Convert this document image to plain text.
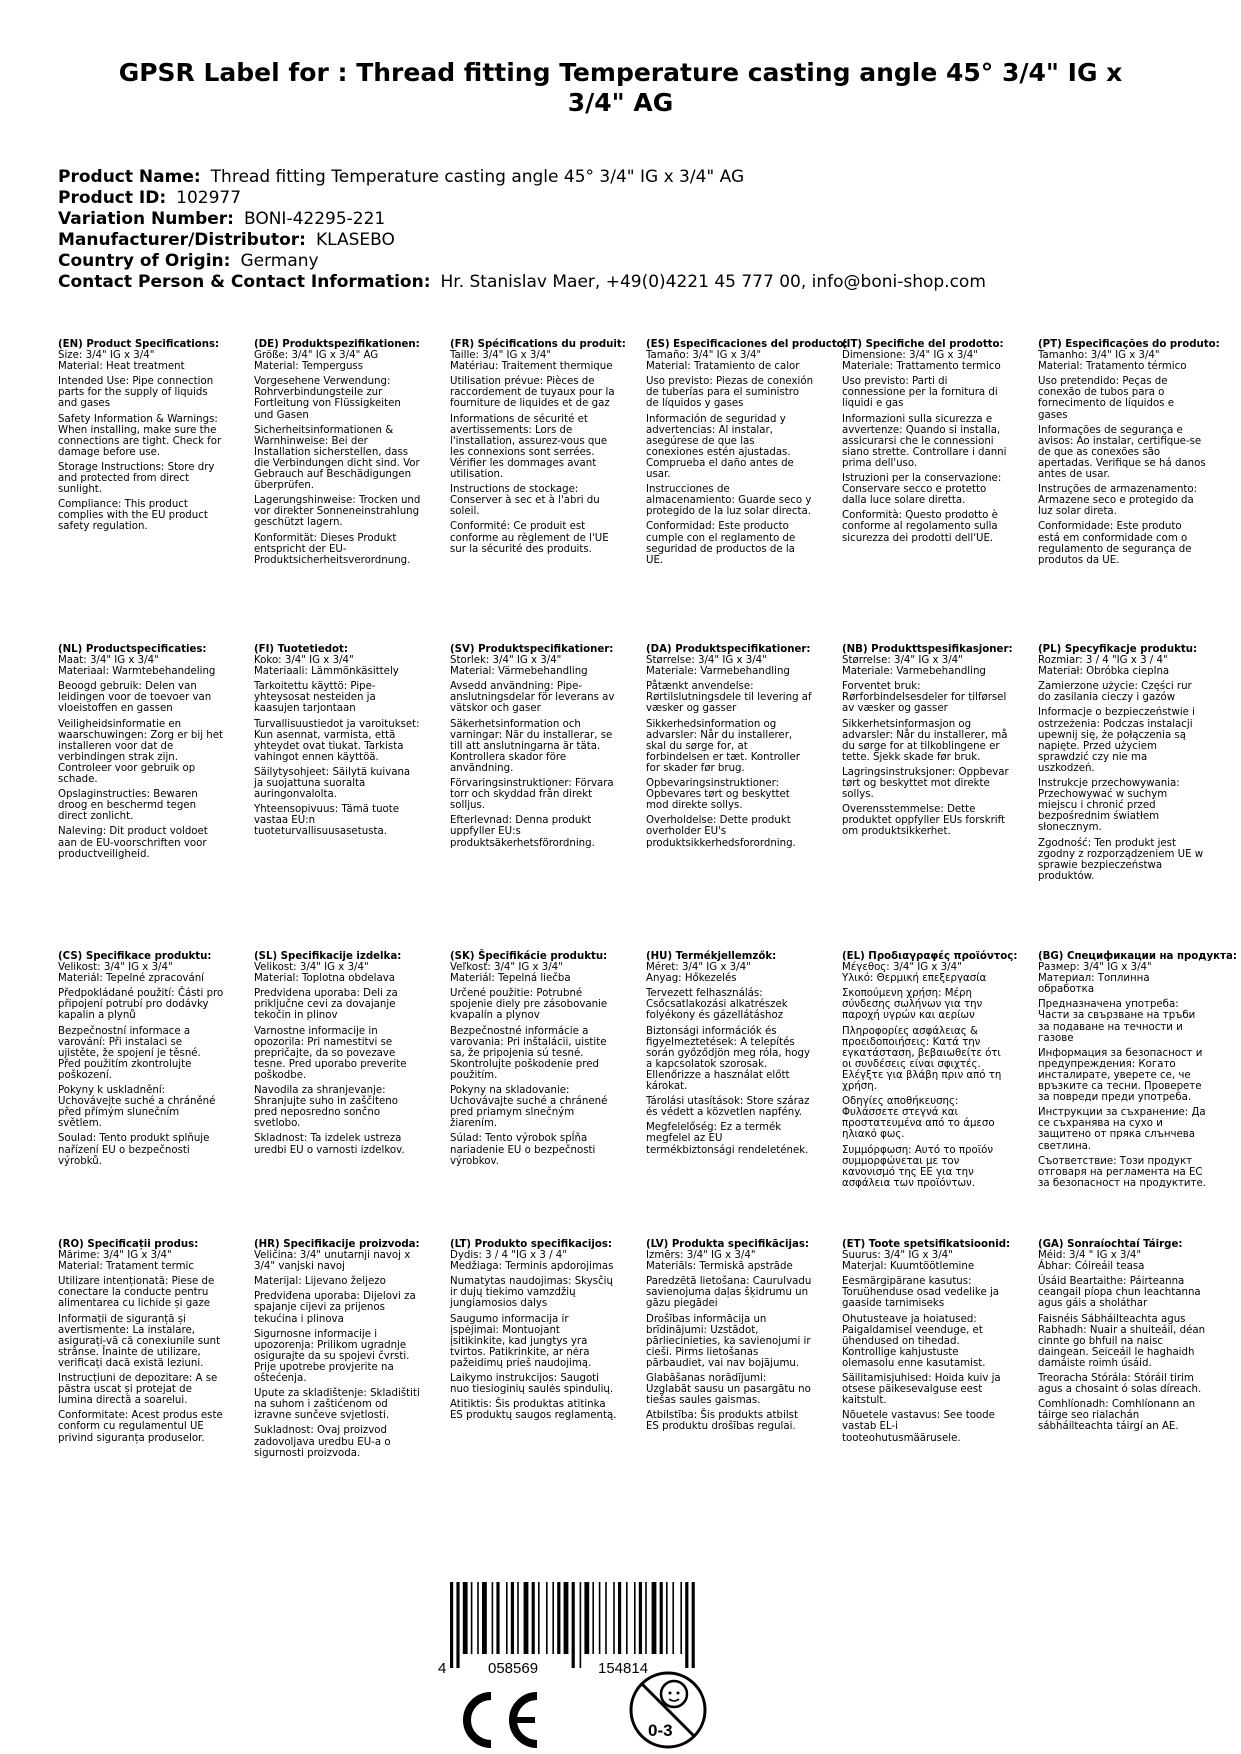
GPSR Label for : Thread fitting Temperature casting angle 45° 3/4" IG x 3/4" AG
Product Name: Thread fitting Temperature casting angle 45° 3/4" IG x 3/4" AG
Product ID: 102977
Variation Number: BONI-42295-221
Manufacturer/Distributor: KLASEBO
Country of Origin: Germany
Contact Person & Contact Information: Hr. Stanislav Maer, +49(0)4221 45 777 00, info@boni-shop.com
(EN) Product Specifications:
Size: 3/4" IG x 3/4"
Material: Heat treatment
Intended Use: Pipe connection parts for the supply of liquids and gases
Safety Information & Warnings: When installing, make sure the connections are tight. Check for damage before use.
Storage Instructions: Store dry and protected from direct sunlight.
Compliance: This product complies with the EU product safety regulation.
(DE) Produktspezifikationen:
Größe: 3/4" IG x 3/4" AG
Material: Temperguss
Vorgesehene Verwendung: Rohrverbindungsteile zur Fortleitung von Flüssigkeiten und Gasen
Sicherheitsinformationen & Warnhinweise: Bei der Installation sicherstellen, dass die Verbindungen dicht sind. Vor Gebrauch auf Beschädigungen überprüfen.
Lagerungshinweise: Trocken und vor direkter Sonneneinstrahlung geschützt lagern.
Konformität: Dieses Produkt entspricht der EU-Produktsicherheitsverordnung.
(FR) Spécifications du produit:
Taille: 3/4" IG x 3/4"
Matériau: Traitement thermique
Utilisation prévue: Pièces de raccordement de tuyaux pour la fourniture de liquides et de gaz
Informations de sécurité et avertissements: Lors de l'installation, assurez-vous que les connexions sont serrées. Vérifier les dommages avant utilisation.
Instructions de stockage: Conserver à sec et à l'abri du soleil.
Conformité: Ce produit est conforme au règlement de l'UE sur la sécurité des produits.
(ES) Especificaciones del producto:
Tamaño: 3/4" IG x 3/4"
Material: Tratamiento de calor
Uso previsto: Piezas de conexión de tuberías para el suministro de líquidos y gases
Información de seguridad y advertencias: Al instalar, asegúrese de que las conexiones estén ajustadas. Comprueba el daño antes de usar.
Instrucciones de almacenamiento: Guarde seco y protegido de la luz solar directa.
Conformidad: Este producto cumple con el reglamento de seguridad de productos de la UE.
(IT) Specifiche del prodotto:
Dimensione: 3/4" IG x 3/4"
Materiale: Trattamento termico
Uso previsto: Parti di connessione per la fornitura di liquidi e gas
Informazioni sulla sicurezza e avvertenze: Quando si installa, assicurarsi che le connessioni siano strette. Controllare i danni prima dell'uso.
Istruzioni per la conservazione: Conservare secco e protetto dalla luce solare diretta.
Conformità: Questo prodotto è conforme al regolamento sulla sicurezza dei prodotti dell'UE.
(PT) Especificações do produto:
Tamanho: 3/4" IG x 3/4"
Material: Tratamento térmico
Uso pretendido: Peças de conexão de tubos para o fornecimento de líquidos e gases
Informações de segurança e avisos: Ao instalar, certifique-se de que as conexões são apertadas. Verifique se há danos antes de usar.
Instruções de armazenamento: Armazene seco e protegido da luz solar direta.
Conformidade: Este produto está em conformidade com o regulamento de segurança de produtos da UE.
(NL) Productspecificaties:
Maat: 3/4" IG x 3/4"
Materiaal: Warmtebehandeling
Beoogd gebruik: Delen van leidingen voor de toevoer van vloeistoffen en gassen
Veiligheidsinformatie en waarschuwingen: Zorg er bij het installeren voor dat de verbindingen strak zijn. Controleer voor gebruik op schade.
Opslaginstructies: Bewaren droog en beschermd tegen direct zonlicht.
Naleving: Dit product voldoet aan de EU-voorschriften voor productveiligheid.
(FI) Tuotetiedot:
Koko: 3/4" IG x 3/4"
Materiaali: Lämmönkäsittely
Tarkoitettu käyttö: Pipe-yhteysosat nesteiden ja kaasujen tarjontaan
Turvallisuustiedot ja varoitukset: Kun asennat, varmista, että yhteydet ovat tiukat. Tarkista vahingot ennen käyttöä.
Säilytysohjeet: Säilytä kuivana ja suojattuna suoralta auringonvalolta.
Yhteensopivuus: Tämä tuote vastaa EU:n tuoteturvallisuusasetusta.
(SV) Produktspecifikationer:
Storlek: 3/4" IG x 3/4"
Material: Värmebehandling
Avsedd användning: Pipe-anslutningsdelar för leverans av vätskor och gaser
Säkerhetsinformation och varningar: När du installerar, se till att anslutningarna är täta. Kontrollera skador före användning.
Förvaringsinstruktioner: Förvara torr och skyddad från direkt solljus.
Efterlevnad: Denna produkt uppfyller EU:s produktsäkerhetsförordning.
(DA) Produktspecifikationer:
Størrelse: 3/4" IG x 3/4"
Materiale: Varmebehandling
Påtænkt anvendelse: Rørtilslutningsdele til levering af væsker og gasser
Sikkerhedsinformation og advarsler: Når du installerer, skal du sørge for, at forbindelsen er tæt. Kontroller for skader før brug.
Opbevaringsinstruktioner: Opbevares tørt og beskyttet mod direkte sollys.
Overholdelse: Dette produkt overholder EU's produktsikkerhedsforordning.
(NB) Produkttspesifikasjoner:
Størrelse: 3/4" IG x 3/4"
Materiale: Varmebehandling
Forventet bruk: Rørforbindelsesdeler for tilførsel av væsker og gasser
Sikkerhetsinformasjon og advarsler: Når du installerer, må du sørge for at tilkoblingene er tette. Sjekk skade før bruk.
Lagringsinstruksjoner: Oppbevar tørt og beskyttet mot direkte sollys.
Overensstemmelse: Dette produktet oppfyller EUs forskrift om produktsikkerhet.
(PL) Specyfikacje produktu:
Rozmiar: 3 / 4 "IG x 3 / 4"
Materiał: Obróbka cieplna
Zamierzone użycie: Części rur do zasilania cieczy i gazów
Informacje o bezpieczeństwie i ostrzeżenia: Podczas instalacji upewnij się, że połączenia są napięte. Przed użyciem sprawdzić czy nie ma uszkodzeń.
Instrukcje przechowywania: Przechowywać w suchym miejscu i chronić przed bezpośrednim światłem słonecznym.
Zgodność: Ten produkt jest zgodny z rozporządzeniem UE w sprawie bezpieczeństwa produktów.
(CS) Specifikace produktu:
Velikost: 3/4" IG x 3/4"
Materiál: Tepelné zpracování
Předpokládané použití: Části pro připojení potrubí pro dodávky kapalin a plynů
Bezpečnostní informace a varování: Při instalaci se ujistěte, že spojení je těsné. Před použitím zkontrolujte poškození.
Pokyny k uskladnění: Uchovávejte suché a chráněné před přímým slunečním světlem.
Soulad: Tento produkt splňuje nařízení EU o bezpečnosti výrobků.
(SL) Specifikacije izdelka:
Velikost: 3/4" IG x 3/4"
Material: Toplotna obdelava
Predvidena uporaba: Deli za priključne cevi za dovajanje tekočin in plinov
Varnostne informacije in opozorila: Pri namestitvi se prepričajte, da so povezave tesne. Pred uporabo preverite poškodbe.
Navodila za shranjevanje: Shranjujte suho in zaščiteno pred neposredno sončno svetlobo.
Skladnost: Ta izdelek ustreza uredbi EU o varnosti izdelkov.
(SK) Špecifikácie produktu:
Veľkosť: 3/4" IG x 3/4"
Materiál: Tepelná liečba
Určené použitie: Potrubné spojenie diely pre zásobovanie kvapalín a plynov
Bezpečnostné informácie a varovania: Pri inštalácii, uistite sa, že pripojenia sú tesné. Skontrolujte poškodenie pred použitím.
Pokyny na skladovanie: Uchovávajte suché a chránené pred priamym slnečným žiarením.
Súlad: Tento výrobok spĺňa nariadenie EU o bezpečnosti výrobkov.
(HU) Termékjellemzők:
Méret: 3/4" IG x 3/4"
Anyag: Hőkezelés
Tervezett felhasználás: Csőcsatlakozási alkatrészek folyékony és gázellátáshoz
Biztonsági információk és figyelmeztetések: A telepítés során győződjön meg róla, hogy a kapcsolatok szorosak. Ellenőrizze a használat előtt károkat.
Tárolási utasítások: Store száraz és védett a közvetlen napfény.
Megfelelőség: Ez a termék megfelel az EU termékbiztonsági rendeletének.
(EL) Προδιαγραφές προϊόντος:
Μέγεθος: 3/4" IG x 3/4"
Υλικό: Θερμική επεξεργασία
Σκοπούμενη χρήση: Μέρη σύνδεσης σωλήνων για την παροχή υγρών και αερίων
Πληροφορίες ασφάλειας & προειδοποιήσεις: Κατά την εγκατάσταση, βεβαιωθείτε ότι οι συνδέσεις είναι σφιχτές. Ελέγξτε για βλάβη πριν από τη χρήση.
Οδηγίες αποθήκευσης: Φυλάσσετε στεγνά και προστατευμένα από το άμεσο ηλιακό φως.
Συμμόρφωση: Αυτό το προϊόν συμμορφώνεται με τον κανονισμό της ΕΕ για την ασφάλεια των προϊόντων.
(BG) Спецификации на продукта:
Размер: 3/4" IG x 3/4"
Материал: Топлинна обработка
Предназначена употреба: Части за свързване на тръби за подаване на течности и газове
Информация за безопасност и предупреждения: Когато инсталирате, уверете се, че връзките са тесни. Проверете за повреди преди употреба.
Инструкции за съхранение: Да се съхранява на сухо и защитено от пряка слънчева светлина.
Съответствие: Този продукт отговаря на регламента на ЕС за безопасност на продуктите.
(RO) Specificații produs:
Mărime: 3/4" IG x 3/4"
Material: Tratament termic
Utilizare intenționată: Piese de conectare la conducte pentru alimentarea cu lichide și gaze
Informații de siguranță și avertismente: La instalare, asigurați-vă că conexiunile sunt strânse. Înainte de utilizare, verificați dacă există leziuni.
Instrucțiuni de depozitare: A se păstra uscat și protejat de lumina directă a soarelui.
Conformitate: Acest produs este conform cu regulamentul UE privind siguranța produselor.
(HR) Specifikacije proizvoda:
Veličina: 3/4" unutarnji navoj x 3/4" vanjski navoj
Materijal: Lijevano željezo
Predviđena uporaba: Dijelovi za spajanje cijevi za prijenos tekućina i plinova
Sigurnosne informacije i upozorenja: Prilikom ugradnje osigurajte da su spojevi čvrsti. Prije upotrebe provjerite na oštećenja.
Upute za skladištenje: Skladištiti na suhom i zaštićenom od izravne sunčeve svjetlosti.
Sukladnost: Ovaj proizvod zadovoljava uredbu EU-a o sigurnosti proizvoda.
(LT) Produkto specifikacijos:
Dydis: 3 / 4 "IG x 3 / 4"
Medžiaga: Terminis apdorojimas
Numatytas naudojimas: Skysčių ir dujų tiekimo vamzdžių jungiamosios dalys
Saugumo informacija ir įspėjimai: Montuojant įsitikinkite, kad jungtys yra tvirtos. Patikrinkite, ar nėra pažeidimų prieš naudojimą.
Laikymo instrukcijos: Saugoti nuo tiesioginių saulės spindulių.
Atitiktis: Šis produktas atitinka ES produktų saugos reglamentą.
(LV) Produkta specifikācijas:
Izmērs: 3/4" IG x 3/4"
Materiāls: Termiskā apstrāde
Paredzētā lietošana: Caurulvadu savienojuma daļas šķidrumu un gāzu piegādei
Drošības informācija un brīdinājumi: Uzstādot, pārliecinieties, ka savienojumi ir cieši. Pirms lietošanas pārbaudiet, vai nav bojājumu.
Glabāšanas norādījumi: Uzglabāt sausu un pasargātu no tiešas saules gaismas.
Atbilstība: Šis produkts atbilst ES produktu drošības regulai.
(ET) Toote spetsifikatsioonid:
Suurus: 3/4" IG x 3/4"
Materjal: Kuumtöötlemine
Eesmärgipärane kasutus: Toruühenduse osad vedelike ja gaaside tarnimiseks
Ohutusteave ja hoiatused: Paigaldamisel veenduge, et ühendused on tihedad. Kontrollige kahjustuste olemasolu enne kasutamist.
Säilitamisjuhised: Hoida kuiv ja otsese päikesevalguse eest kaitstult.
Nõuetele vastavus: See toode vastab EL-i tooteohutusmäärusele.
(GA) Sonraíochtaí Táirge:
Méid: 3/4 " IG x 3/4"
Ábhar: Cóireáil teasa
Úsáid Beartaithe: Páirteanna ceangail píopa chun leachtanna agus gáis a sholáthar
Faisnéis Sábháilteachta agus Rabhadh: Nuair a shuiteáil, déan cinnte go bhfuil na naisc daingean. Seiceáil le haghaidh damáiste roimh úsáid.
Treoracha Stórála: Stóráil tirim agus a chosaint ó solas díreach.
Comhlíonadh: Comhlíonann an táirge seo rialachán sábháilteachta táirgí an AE.
4	058569	154814
0-3
